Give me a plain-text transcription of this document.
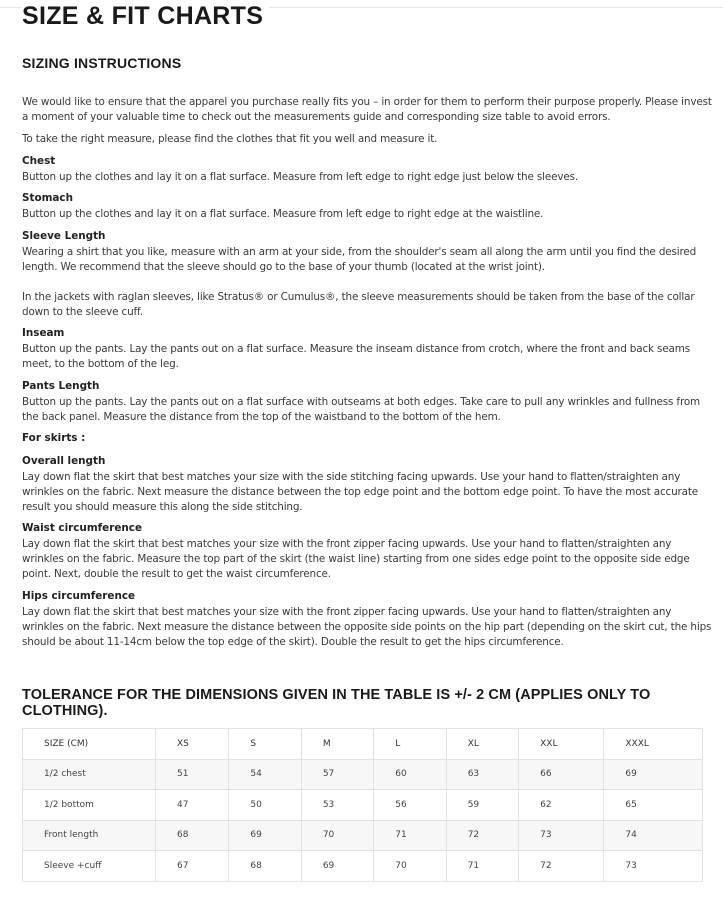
SIZE & FIT CHARTS
SIZING INSTRUCTIONS
We would like to ensure that the apparel you purchase really fits you – in order for them to perform their purpose properly. Please invest a moment of your valuable time to check out the measurements guide and corresponding size table to avoid errors.
To take the right measure, please find the clothes that fit you well and measure it.
Chest
Button up the clothes and lay it on a flat surface. Measure from left edge to right edge just below the sleeves.
Stomach
Button up the clothes and lay it on a flat surface. Measure from left edge to right edge at the waistline.
Sleeve Length
Wearing a shirt that you like, measure with an arm at your side, from the shoulder's seam all along the arm until you find the desired length. We recommend that the sleeve should go to the base of your thumb (located at the wrist joint).
In the jackets with raglan sleeves, like Stratus® or Cumulus®, the sleeve measurements should be taken from the base of the collar down to the sleeve cuff.
Inseam
Button up the pants. Lay the pants out on a flat surface. Measure the inseam distance from crotch, where the front and back seams meet, to the bottom of the leg.
Pants Length
Button up the pants. Lay the pants out on a flat surface with outseams at both edges. Take care to pull any wrinkles and fullness from the back panel. Measure the distance from the top of the waistband to the bottom of the hem.
For skirts :
Overall length
Lay down flat the skirt that best matches your size with the side stitching facing upwards. Use your hand to flatten/straighten any wrinkles on the fabric. Next measure the distance between the top edge point and the bottom edge point. To have the most accurate result you should measure this along the side stitching.
Waist circumference
Lay down flat the skirt that best matches your size with the front zipper facing upwards. Use your hand to flatten/straighten any wrinkles on the fabric. Measure the top part of the skirt (the waist line) starting from one sides edge point to the opposite side edge point. Next, double the result to get the waist circumference.
Hips circumference
Lay down flat the skirt that best matches your size with the front zipper facing upwards. Use your hand to flatten/straighten any wrinkles on the fabric. Next measure the distance between the opposite side points on the hip part (depending on the skirt cut, the hips should be about 11-14cm below the top edge of the skirt). Double the result to get the hips circumference.
TOLERANCE FOR THE DIMENSIONS GIVEN IN THE TABLE IS +/- 2 CM (APPLIES ONLY TO CLOTHING).
SIZE (CM)	XS	S	M	L	XL	XXL	XXXL
1/2 chest	51	54	57	60	63	66	69
1/2 bottom	47	50	53	56	59	62	65
Front length	68	69	70	71	72	73	74
Sleeve +cuff	67	68	69	70	71	72	73
